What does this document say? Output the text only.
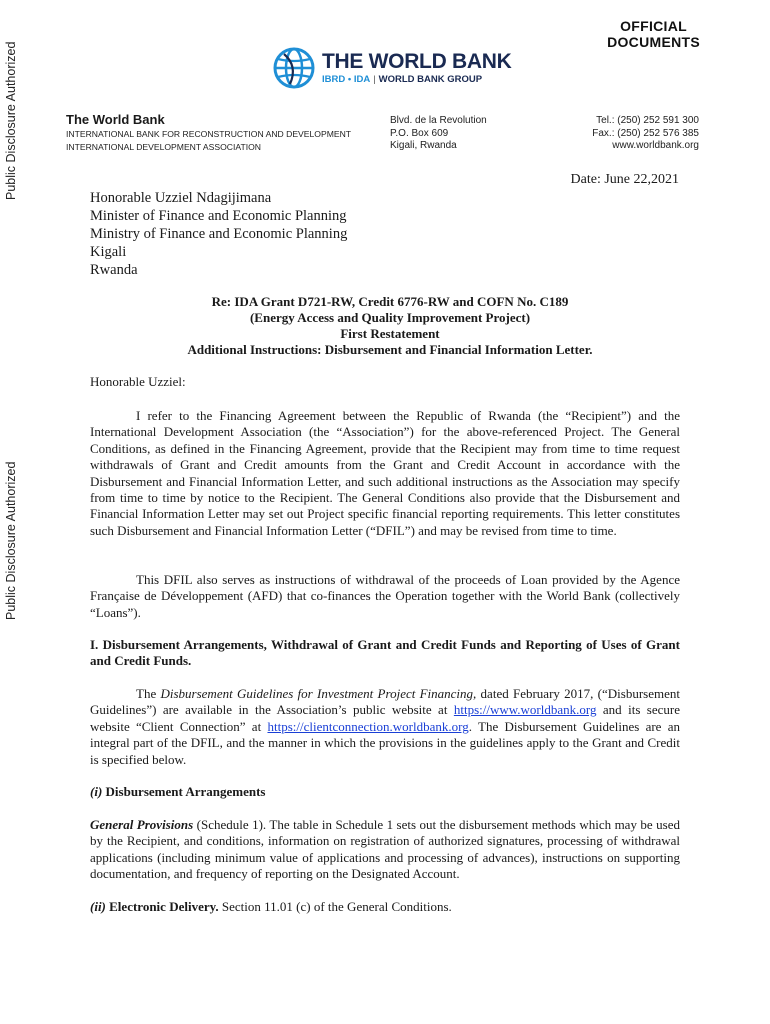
Public Disclosure Authorized
Public Disclosure Authorized
OFFICIAL
DOCUMENTS
THE WORLD BANK
IBRD • IDA | WORLD BANK GROUP
The World Bank
INTERNATIONAL BANK FOR RECONSTRUCTION AND DEVELOPMENT
INTERNATIONAL DEVELOPMENT ASSOCIATION
Blvd. de la Revolution
P.O. Box 609
Kigali, Rwanda
Tel.: (250) 252 591 300
Fax.: (250) 252 576 385
www.worldbank.org
Date: June 22,2021
Honorable Uzziel Ndagijimana
Minister of Finance and Economic Planning
Ministry of Finance and Economic Planning
Kigali
Rwanda
Re: IDA Grant D721-RW, Credit 6776-RW and COFN No. C189
(Energy Access and Quality Improvement Project)
First Restatement
Additional Instructions: Disbursement and Financial Information Letter.
Honorable Uzziel:

I refer to the Financing Agreement between the Republic of Rwanda (the “Recipient”) and the International Development Association (the “Association”) for the above-referenced Project. The General Conditions, as defined in the Financing Agreement, provide that the Recipient may from time to time request withdrawals of Grant and Credit amounts from the Grant and Credit Account in accordance with the Disbursement and Financial Information Letter, and such additional instructions as the Association may specify from time to time by notice to the Recipient. The General Conditions also provide that the Disbursement and Financial Information Letter may set out Project specific financial reporting requirements. This letter constitutes such Disbursement and Financial Information Letter (“DFIL”) and may be revised from time to time.

This DFIL also serves as instructions of withdrawal of the proceeds of Loan provided by the Agence Française de Développement (AFD) that co-finances the Operation together with the World Bank (collectively “Loans”).

I. Disbursement Arrangements, Withdrawal of Grant and Credit Funds and Reporting of Uses of Grant and Credit Funds.

The Disbursement Guidelines for Investment Project Financing, dated February 2017, (“Disbursement Guidelines”) are available in the Association’s public website at https://www.worldbank.org and its secure website “Client Connection” at https://clientconnection.worldbank.org. The Disbursement Guidelines are an integral part of the DFIL, and the manner in which the provisions in the guidelines apply to the Grant and Credit is specified below.

(i) Disbursement Arrangements

General Provisions (Schedule 1). The table in Schedule 1 sets out the disbursement methods which may be used by the Recipient, and conditions, information on registration of authorized signatures, processing of withdrawal applications (including minimum value of applications and processing of advances), instructions on supporting documentation, and frequency of reporting on the Designated Account.

(ii) Electronic Delivery. Section 11.01 (c) of the General Conditions.
